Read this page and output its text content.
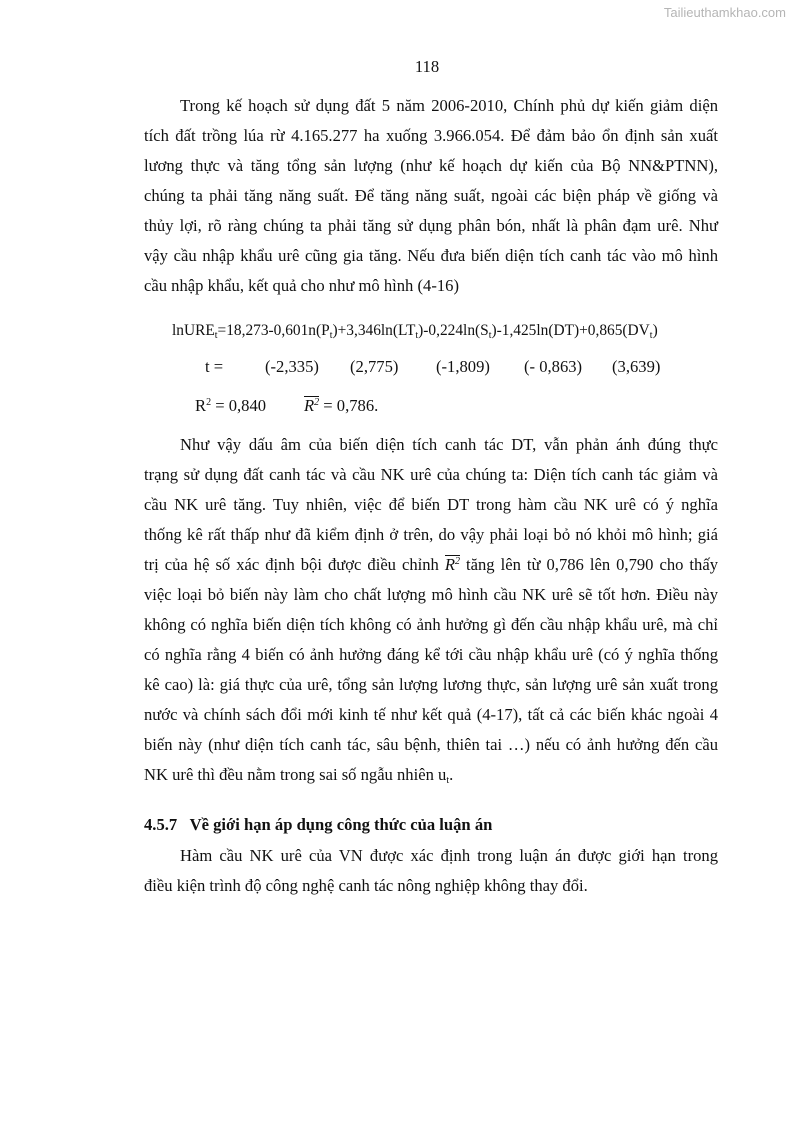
Tailieuthamkhao.com
118
Trong kế hoạch sử dụng đất 5 năm 2006-2010, Chính phủ dự kiến giảm diện
tích đất trồng lúa rừ 4.165.277 ha xuống 3.966.054. Để đảm bảo ổn định sản xuất
lương thực và tăng tổng sản lượng (như kế hoạch dự kiến của Bộ NN&PTNN),
chúng ta phải tăng năng suất. Để tăng năng suất, ngoài các biện pháp về giống và
thủy lợi, rõ ràng chúng ta phải tăng sử dụng phân bón, nhất là phân đạm urê. Như
vậy cầu nhập khẩu urê cũng gia tăng. Nếu đưa biến diện tích canh tác vào mô hình
cầu nhập khẩu, kết quả cho như mô hình (4-16)
$lnURE_t=18,273-0,601n(P_t)+3,346\ln(LT_t)-0,224\ln(S_t)-1,425\ln(DT)+0,865(DV_t)$
t =	(-2,335) (2,775) (-1,809) (- 0,863) (3,639)
$R^2 = 0,840$ $R^2 = 0,786$.
trị của hệ số xác định bội được điều chỉnh $R^2$ tăng lên từ 0,786 lên 0,790 cho thấy
NK urê thì đều nằm trong sai số ngẫu nhiên $u_t$.
Như vậy dấu âm của biến diện tích canh tác DT, vẫn phản ánh đúng thực
trạng sử dụng đất canh tác và cầu NK urê của chúng ta: Diện tích canh tác giảm và
cầu NK urê tăng. Tuy nhiên, việc để biến DT trong hàm cầu NK urê có ý nghĩa
thống kê rất thấp như đã kiểm định ở trên, do vậy phải loại bỏ nó khỏi mô hình; giá
việc loại bỏ biến này làm cho chất lượng mô hình cầu NK urê sẽ tốt hơn. Điều này
không có nghĩa biến diện tích không có ảnh hưởng gì đến cầu nhập khẩu urê, mà chỉ
có nghĩa rằng 4 biến có ảnh hưởng đáng kể tới cầu nhập khẩu urê (có ý nghĩa thống
kê cao) là: giá thực của urê, tổng sản lượng lương thực, sản lượng urê sản xuất trong
nước và chính sách đổi mới kinh tế như kết quả (4-17), tất cả các biến khác ngoài 4
biến này (như diện tích canh tác, sâu bệnh, thiên tai …) nếu có ảnh hưởng đến cầu
4.5.7 Về giới hạn áp dụng công thức của luận án
Hàm cầu NK urê của VN được xác định trong luận án được giới hạn trong
điều kiện trình độ công nghệ canh tác nông nghiệp không thay đổi.
